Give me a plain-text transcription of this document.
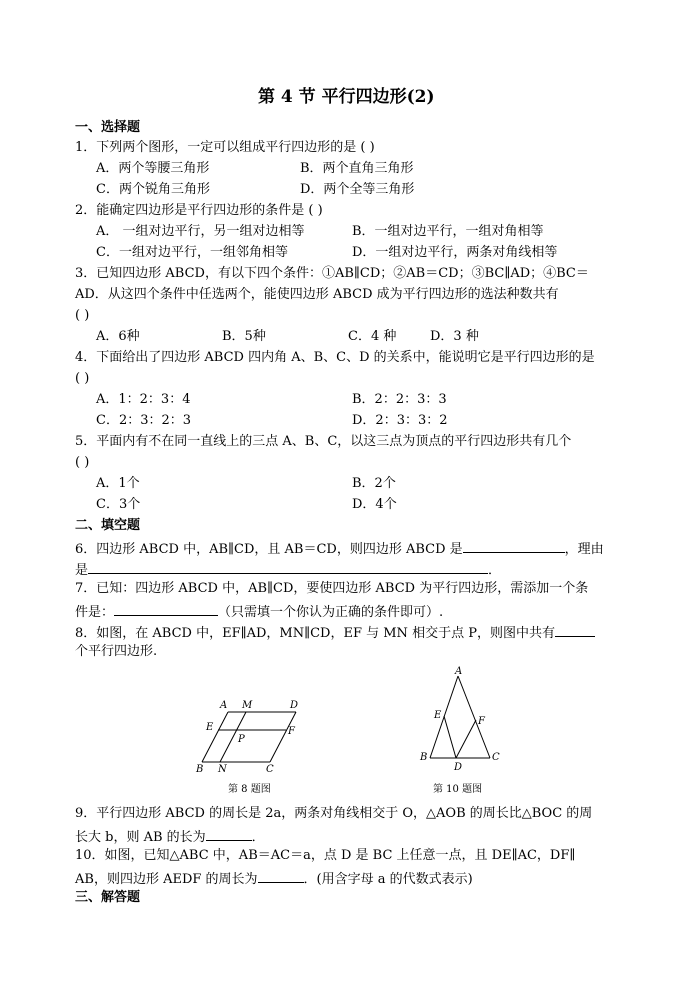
第 4 节 平行四边形(2)
一、选择题
1．下列两个图形，一定可以组成平行四边形的是 ( )
A．两个等腰三角形	B．两个直角三角形
C．两个锐角三角形	D．两个全等三角形
2．能确定四边形是平行四边形的条件是 ( )
A． 一组对边平行，另一组对边相等	B．一组对边平行，一组对角相等
C．一组对边平行，一组邻角相等	D．一组对边平行，两条对角线相等
3．已知四边形 ABCD，有以下四个条件：①AB∥CD；②AB＝CD；③BC∥AD；④BC＝
AD．从这四个条件中任选两个，能使四边形 ABCD 成为平行四边形的选法种数共有
( )
A．6种	B．5种	C．4 种	D．3 种
4．下面给出了四边形 ABCD 四内角 A、B、C、D 的关系中，能说明它是平行四边形的是
( )
A．1：2：3：4	B．2：2：3：3
C．2：3：2：3	D．2：3：3：2
5．平面内有不在同一直线上的三点 A、B、C，以这三点为顶点的平行四边形共有几个
( )
A．1个	B．2个
C．3个	D．4个
二、填空题
6．四边形 ABCD 中，AB∥CD，且 AB＝CD，则四边形 ABCD 是	，理由
是	．
7．已知：四边形 ABCD 中，AB∥CD，要使四边形 ABCD 为平行四边形，需添加一个条
件是：	（只需填一个你认为正确的条件即可）.
8．如图，在 ABCD 中，EF∥AD，MN∥CD，EF 与 MN 相交于点 P，则图中共有
个平行四边形.
A M	D
E
P
F
B N	C
第 8 题图
A
E
F
B
D
C
第 10 题图
9．平行四边形 ABCD 的周长是 2a，两条对角线相交于 O，△AOB 的周长比△BOC 的周
长大 b，则 AB 的长为	．
10．如图，已知△ABC 中，AB＝AC＝a，点 D 是 BC 上任意一点，且 DE∥AC，DF∥
AB，则四边形 AEDF 的周长为	．(用含字母 a 的代数式表示)
三、解答题
